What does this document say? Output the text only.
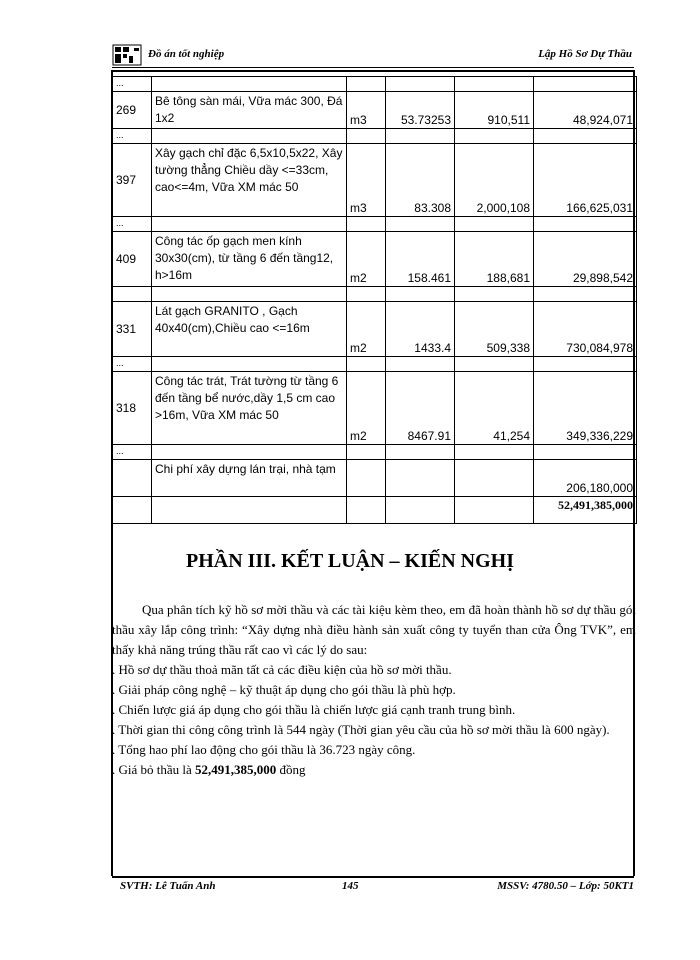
Đồ án tốt nghiệp	Lập Hồ Sơ Dự Thầu
...					
269	Bê tông sàn mái, Vữa mác 300, Đá 1x2	m3	53.73253	910,511	48,924,071
...					
397	Xây gạch chỉ đặc 6,5x10,5x22, Xây tường thẳng Chiều dầy <=33cm, cao<=4m, Vữa XM mác 50	m3	83.308	2,000,108	166,625,031
...					
409	Công tác ốp gạch men kính 30x30(cm), từ tầng 6 đến tầng12, h>16m	m2	158.461	188,681	29,898,542

331	Lát gạch GRANITO , Gạch 40x40(cm),Chiều cao <=16m	m2	1433.4	509,338	730,084,978
...					
318	Công tác trát, Trát tường từ tầng 6 đến tầng bể nước,dầy 1,5 cm cao >16m, Vữa XM mác 50	m2	8467.91	41,254	349,336,229
...					
	Chi phí xây dựng lán trại, nhà tạm				206,180,000
					52,491,385,000
PHẦN III. KẾT LUẬN – KIẾN NGHỊ

Qua phân tích kỹ hồ sơ mời thầu và các tài kiệu kèm theo, em đã hoàn thành hồ sơ dự thầu gói thầu xây lắp công trình: “Xây dựng nhà điều hành sản xuất công ty tuyển than cửa Ông TVK”, em thấy khả năng trúng thầu rất cao vì các lý do sau:

. Hồ sơ dự thầu thoả mãn tất cả các điều kiện của hồ sơ mời thầu.

. Giải pháp công nghệ – kỹ thuật áp dụng cho gói thầu là phù hợp.

. Chiến lược giá áp dụng cho gói thầu là chiến lược giá cạnh tranh trung bình.

. Thời gian thi công công trình là 544 ngày (Thời gian yêu cầu của hồ sơ mời thầu là 600 ngày).

. Tổng hao phí lao động cho gói thầu là 36.723 ngày công.

. Giá bỏ thầu là 52,491,385,000 đồng

SVTH: Lê Tuấn Anh	145	MSSV: 4780.50 – Lớp: 50KT1
